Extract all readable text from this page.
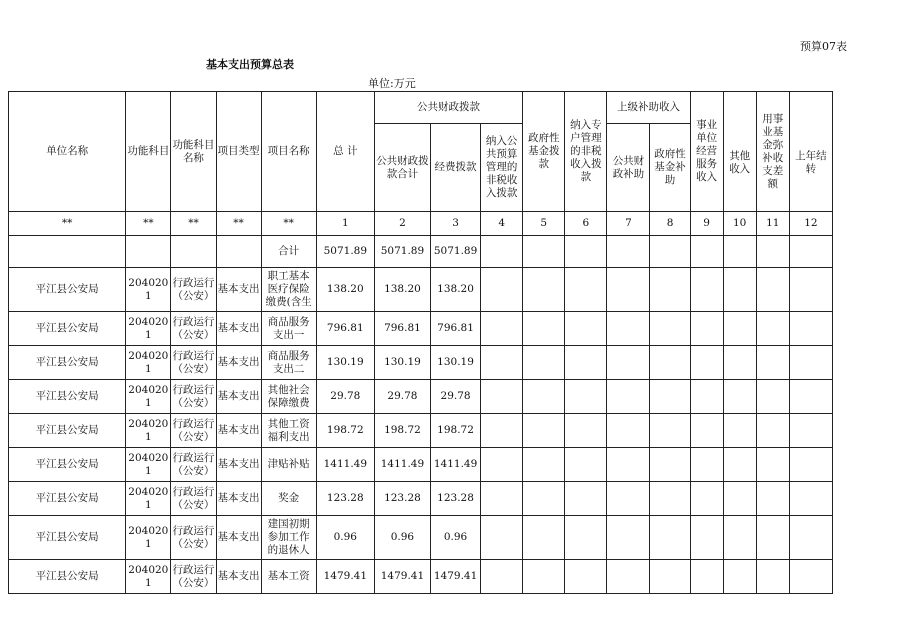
预算07表
基本支出预算总表
单位:万元
单位名称	功能科目	功能科目名称	项目类型	项目名称	总 计	公共财政拨款			政府性基金拨款	纳入专户管理的非税收入拨款	上级补助收入		事业单位经营服务收入	其他收入	用事业基金弥补收支差额	上年结转
						公共财政拨款合计	经费拨款	纳入公共预算管理的非税收入拨款			公共财政补助	政府性基金补助				
**	**	**	**	**	1	2	3	4	5	6	7	8	9	10	11	12
				合计	5071.89	5071.89	5071.89									

平江县公安局	2040201	行政运行（公安）	基本支出	职工基本医疗保险缴费(含生	138.20	138.20	138.20									

平江县公安局	2040201	行政运行（公安）	基本支出	商品服务支出一	796.81	796.81	796.81									

平江县公安局	2040201	行政运行（公安）	基本支出	商品服务支出二	130.19	130.19	130.19									

平江县公安局	2040201	行政运行（公安）	基本支出	其他社会保障缴费	29.78	29.78	29.78									

平江县公安局	2040201	行政运行（公安）	基本支出	其他工资福利支出	198.72	198.72	198.72									

平江县公安局	2040201	行政运行（公安）	基本支出	津贴补贴	1411.49	1411.49	1411.49									

平江县公安局	2040201	行政运行（公安）	基本支出	奖金	123.28	123.28	123.28									

平江县公安局	2040201	行政运行（公安）	基本支出	建国初期参加工作的退休人	0.96	0.96	0.96									

平江县公安局	2040201	行政运行（公安）	基本支出	基本工资	1479.41	1479.41	1479.41									
